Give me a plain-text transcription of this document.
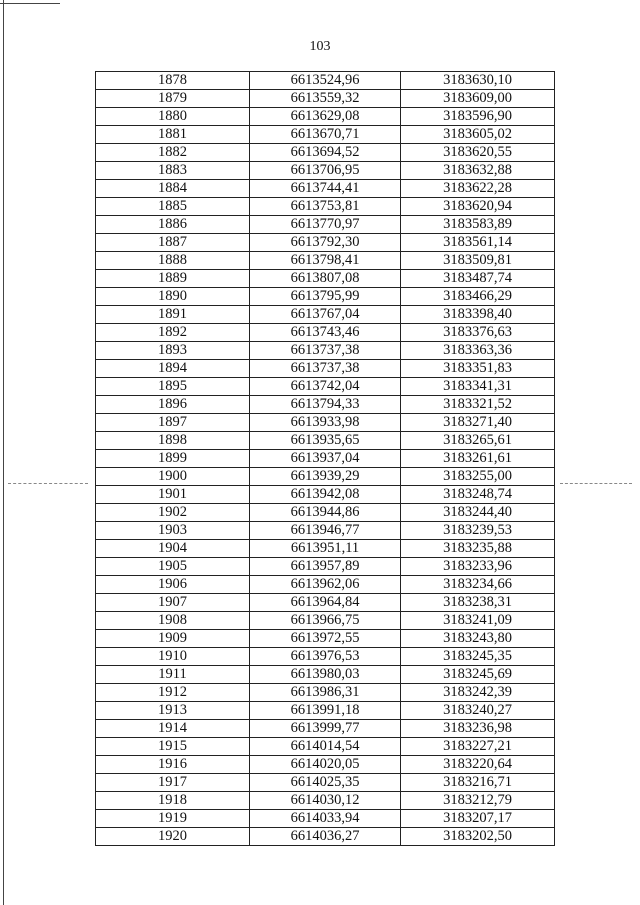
103
1878	6613524,96	3183630,10
1879	6613559,32	3183609,00
1880	6613629,08	3183596,90
1881	6613670,71	3183605,02
1882	6613694,52	3183620,55
1883	6613706,95	3183632,88
1884	6613744,41	3183622,28
1885	6613753,81	3183620,94
1886	6613770,97	3183583,89
1887	6613792,30	3183561,14
1888	6613798,41	3183509,81
1889	6613807,08	3183487,74
1890	6613795,99	3183466,29
1891	6613767,04	3183398,40
1892	6613743,46	3183376,63
1893	6613737,38	3183363,36
1894	6613737,38	3183351,83
1895	6613742,04	3183341,31
1896	6613794,33	3183321,52
1897	6613933,98	3183271,40
1898	6613935,65	3183265,61
1899	6613937,04	3183261,61
1900	6613939,29	3183255,00
1901	6613942,08	3183248,74
1902	6613944,86	3183244,40
1903	6613946,77	3183239,53
1904	6613951,11	3183235,88
1905	6613957,89	3183233,96
1906	6613962,06	3183234,66
1907	6613964,84	3183238,31
1908	6613966,75	3183241,09
1909	6613972,55	3183243,80
1910	6613976,53	3183245,35
1911	6613980,03	3183245,69
1912	6613986,31	3183242,39
1913	6613991,18	3183240,27
1914	6613999,77	3183236,98
1915	6614014,54	3183227,21
1916	6614020,05	3183220,64
1917	6614025,35	3183216,71
1918	6614030,12	3183212,79
1919	6614033,94	3183207,17
1920	6614036,27	3183202,50
